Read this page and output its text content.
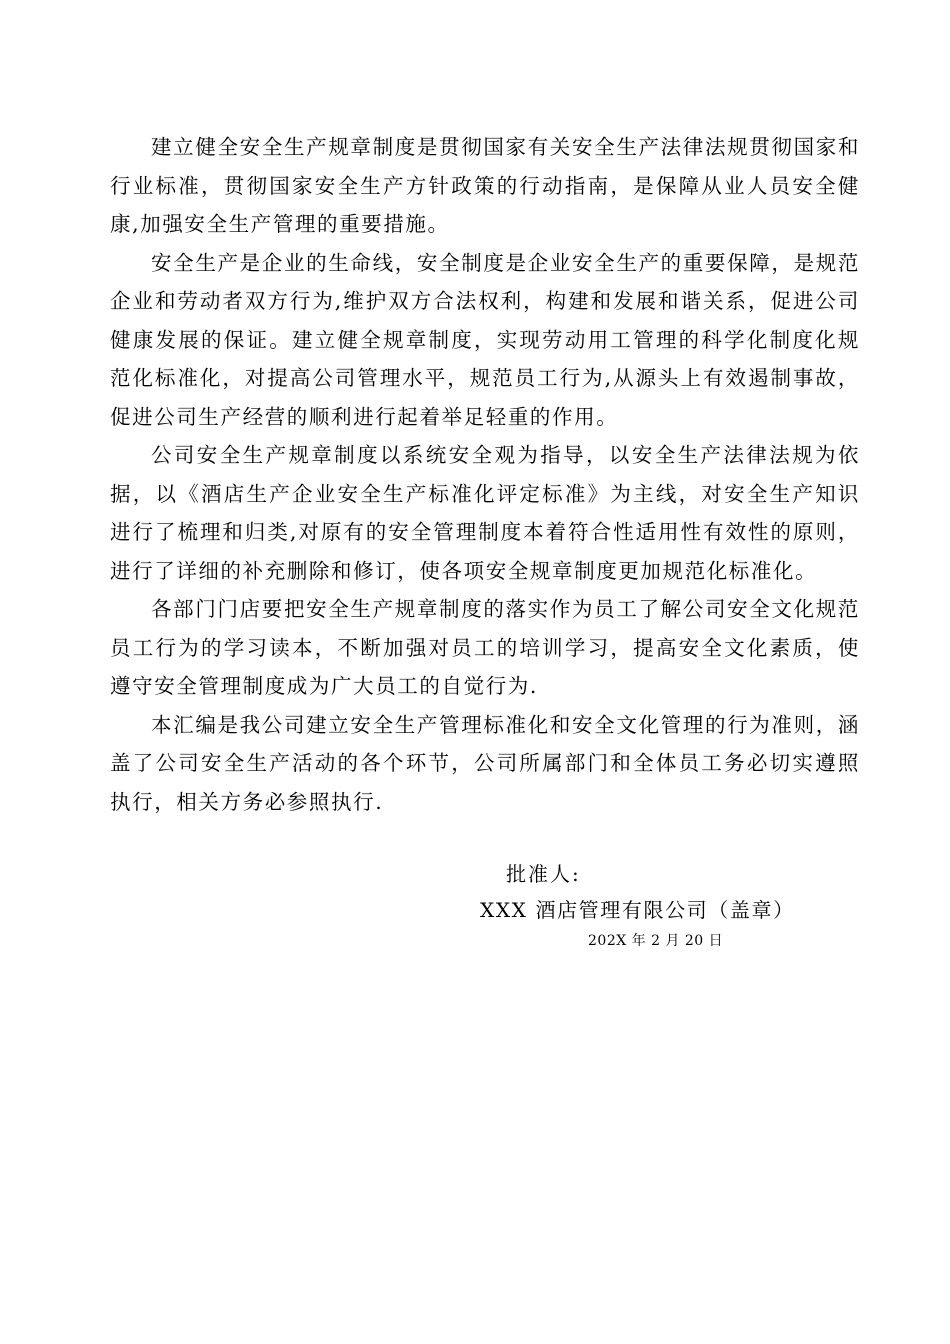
建立健全安全生产规章制度是贯彻国家有关安全生产法律法规贯彻国家和行业标准，贯彻国家安全生产方针政策的行动指南，是保障从业人员安全健康,加强安全生产管理的重要措施。

安全生产是企业的生命线，安全制度是企业安全生产的重要保障，是规范企业和劳动者双方行为,维护双方合法权利，构建和发展和谐关系，促进公司健康发展的保证。建立健全规章制度，实现劳动用工管理的科学化制度化规范化标准化，对提高公司管理水平，规范员工行为,从源头上有效遏制事故，促进公司生产经营的顺利进行起着举足轻重的作用。

公司安全生产规章制度以系统安全观为指导，以安全生产法律法规为依据，以《酒店生产企业安全生产标准化评定标准》为主线，对安全生产知识进行了梳理和归类,对原有的安全管理制度本着符合性适用性有效性的原则，进行了详细的补充删除和修订，使各项安全规章制度更加规范化标准化。

各部门门店要把安全生产规章制度的落实作为员工了解公司安全文化规范员工行为的学习读本，不断加强对员工的培训学习，提高安全文化素质，使遵守安全管理制度成为广大员工的自觉行为.

本汇编是我公司建立安全生产管理标准化和安全文化管理的行为准则，涵盖了公司安全生产活动的各个环节，公司所属部门和全体员工务必切实遵照执行，相关方务必参照执行.

批准人:
XXX 酒店管理有限公司（盖章）
202X 年 2 月 20 日
